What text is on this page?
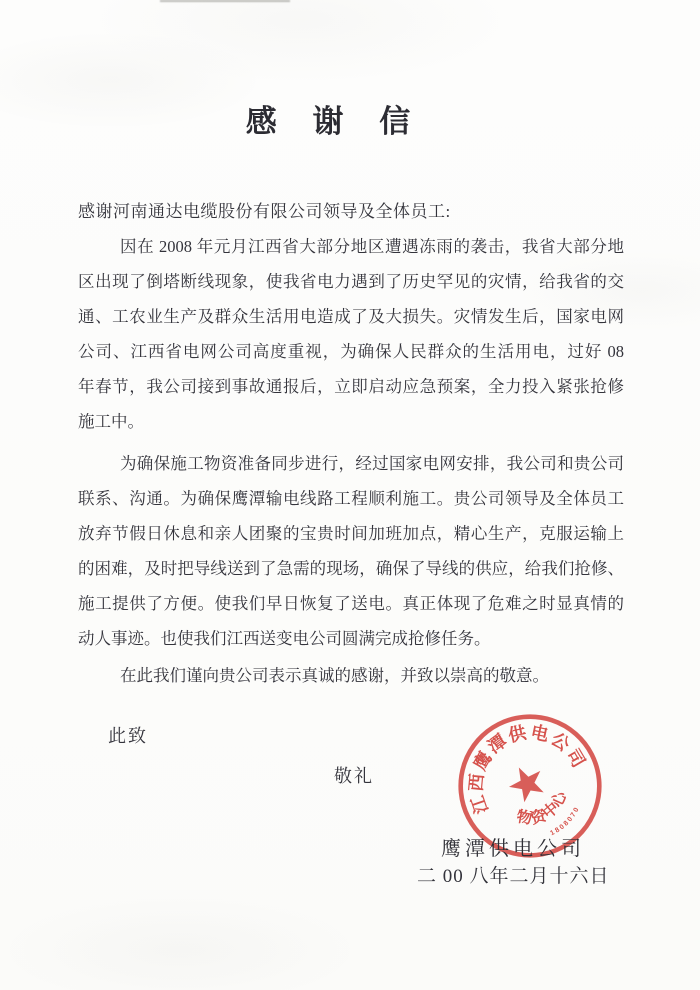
感 谢 信
感谢河南通达电缆股份有限公司领导及全体员工:
因在 2008 年元月江西省大部分地区遭遇冻雨的袭击，我省大部分地
区出现了倒塔断线现象，使我省电力遇到了历史罕见的灾情，给我省的交
通、工农业生产及群众生活用电造成了及大损失。灾情发生后，国家电网
公司、江西省电网公司高度重视，为确保人民群众的生活用电，过好 08
年春节，我公司接到事故通报后，立即启动应急预案，全力投入紧张抢修
施工中。
为确保施工物资准备同步进行，经过国家电网安排，我公司和贵公司
联系、沟通。为确保鹰潭输电线路工程顺利施工。贵公司领导及全体员工
放弃节假日休息和亲人团聚的宝贵时间加班加点，精心生产，克服运输上
的困难，及时把导线送到了急需的现场，确保了导线的供应，给我们抢修、
施工提供了方便。使我们早日恢复了送电。真正体现了危难之时显真情的
动人事迹。也使我们江西送变电公司圆满完成抢修任务。
在此我们谨向贵公司表示真诚的感谢，并致以崇高的敬意。
此致
敬礼
江西鹰潭供电公司
物资中心
1808070
鹰潭供电公司
二 00 八年二月十六日
